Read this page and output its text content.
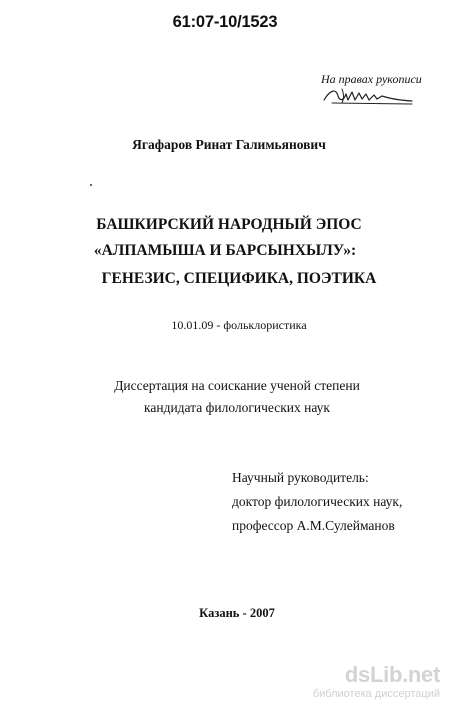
61:07-10/1523
На правах рукописи
Ягафаров Ринат Галимьянович
БАШКИРСКИЙ НАРОДНЫЙ ЭПОС
«АЛПАМЫША И БАРСЫНХЫЛУ»:
ГЕНЕЗИС, СПЕЦИФИКА, ПОЭТИКА
10.01.09 - фольклористика
Диссертация на соискание ученой степени
кандидата филологических наук
Научный руководитель:
доктор филологических наук,
профессор А.М.Сулейманов
Казань - 2007
dsLib.net
библиотека диссертаций
